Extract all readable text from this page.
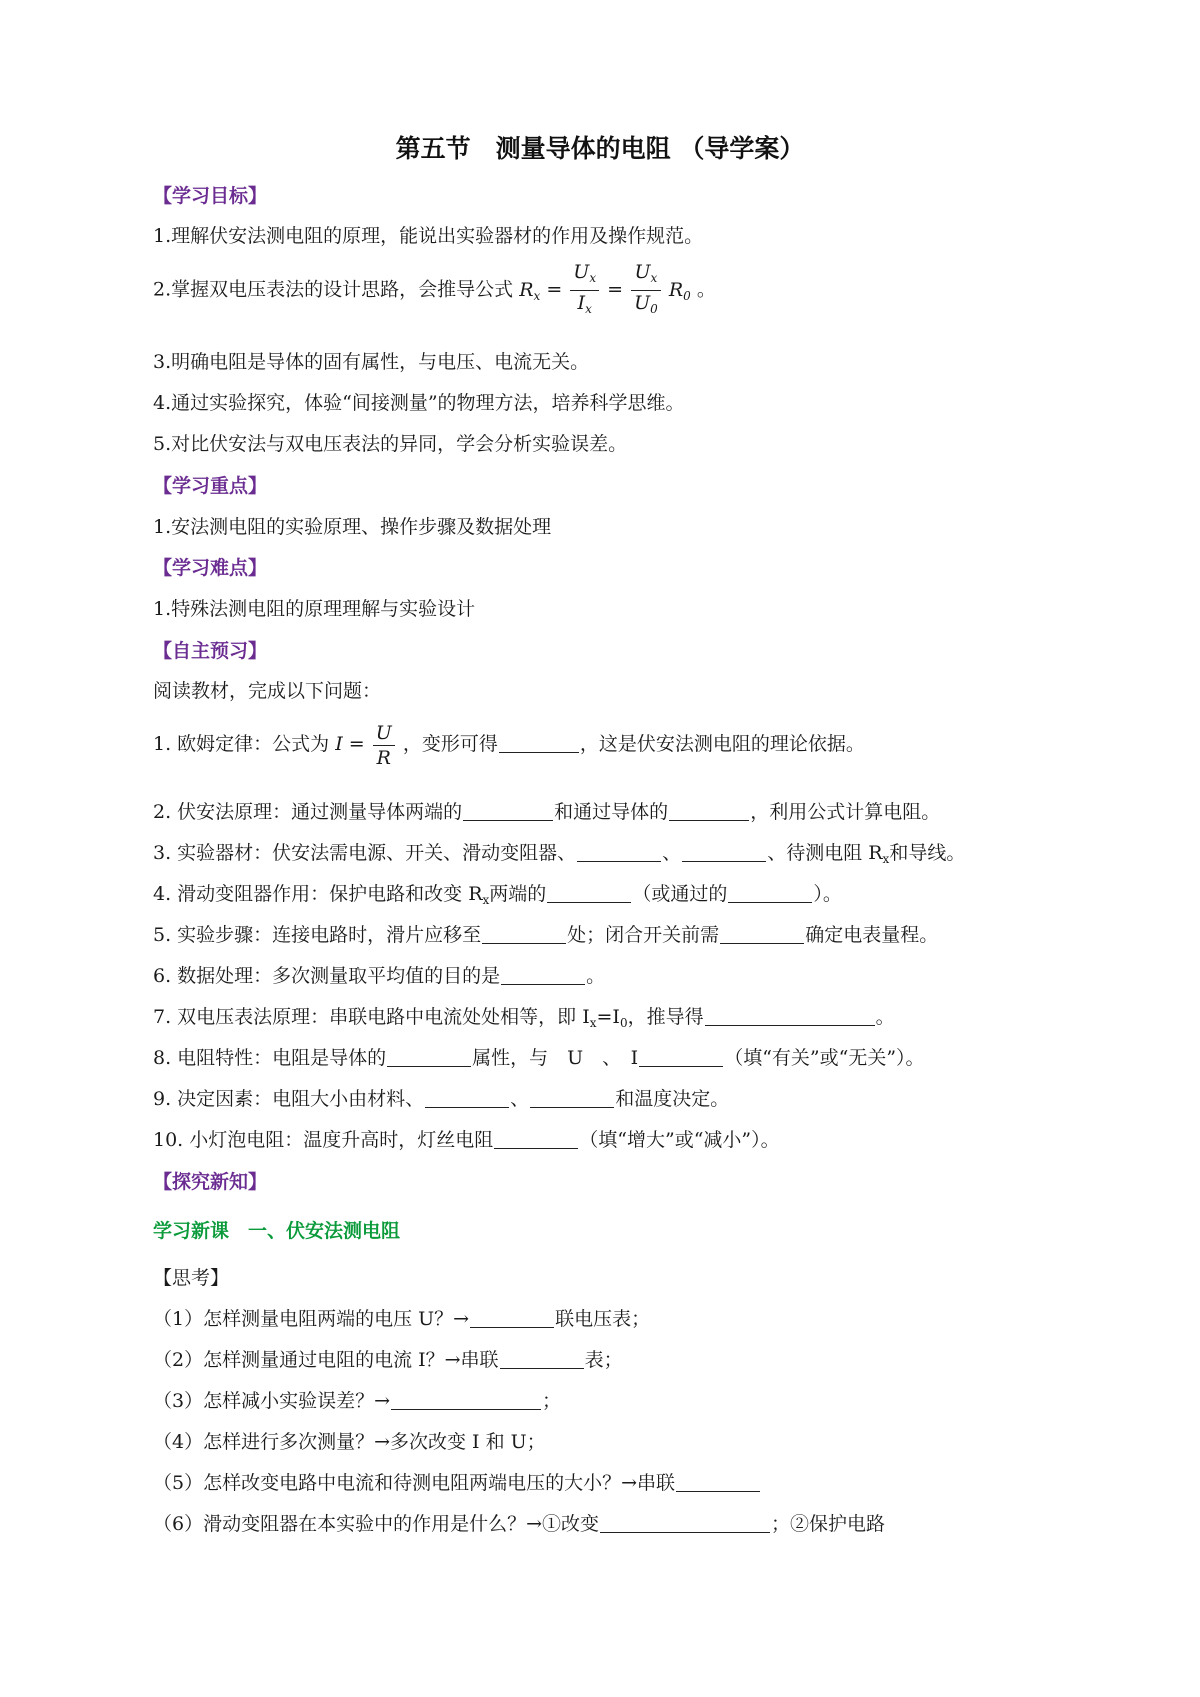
第五节　测量导体的电阻 （导学案）
【学习目标】
1.理解伏安法测电阻的原理，能说出实验器材的作用及操作规范。
2.掌握双电压表法的设计思路，会推导公式 $R_x = \frac{U_x}{I_x} = \frac{U_x}{U_0} R_0$ 。
3.明确电阻是导体的固有属性，与电压、电流无关。
4.通过实验探究，体验“间接测量”的物理方法，培养科学思维。
5.对比伏安法与双电压表法的异同，学会分析实验误差。
【学习重点】
1.安法测电阻的实验原理、操作步骤及数据处理
【学习难点】
1.特殊法测电阻的原理理解与实验设计
【自主预习】
阅读教材，完成以下问题：
1. 欧姆定律：公式为 $I = \frac{U}{R}$ ，变形可得	，这是伏安法测电阻的理论依据。
2. 伏安法原理：通过测量导体两端的	和通过导体的	，利用公式计算电阻。
3. 实验器材：伏安法需电源、开关、滑动变阻器、	、	、待测电阻 $R_x$和导线。
4. 滑动变阻器作用：保护电路和改变 $R_x$两端的	（或通过的	）。
5. 实验步骤：连接电路时，滑片应移至	处；闭合开关前需	确定电表量程。
6. 数据处理：多次测量取平均值的目的是	。
7. 双电压表法原理：串联电路中电流处处相等，即 $I_x=I_0$，推导得	。
8. 电阻特性：电阻是导体的	属性，与　U　、　I	（填“有关”或“无关”）。
9. 决定因素：电阻大小由材料、	、	和温度决定。
10. 小灯泡电阻：温度升高时，灯丝电阻	（填“增大”或“减小”）。
【探究新知】
学习新课　一、伏安法测电阻
【思考】
（1）怎样测量电阻两端的电压 U？→	联电压表；
（2）怎样测量通过电阻的电流 I？→串联	表；
（3）怎样减小实验误差？→	；
（4）怎样进行多次测量？→多次改变 I 和 U；
（5）怎样改变电路中电流和待测电阻两端电压的大小？→串联
（6）滑动变阻器在本实验中的作用是什么？→①改变	；②保护电路
